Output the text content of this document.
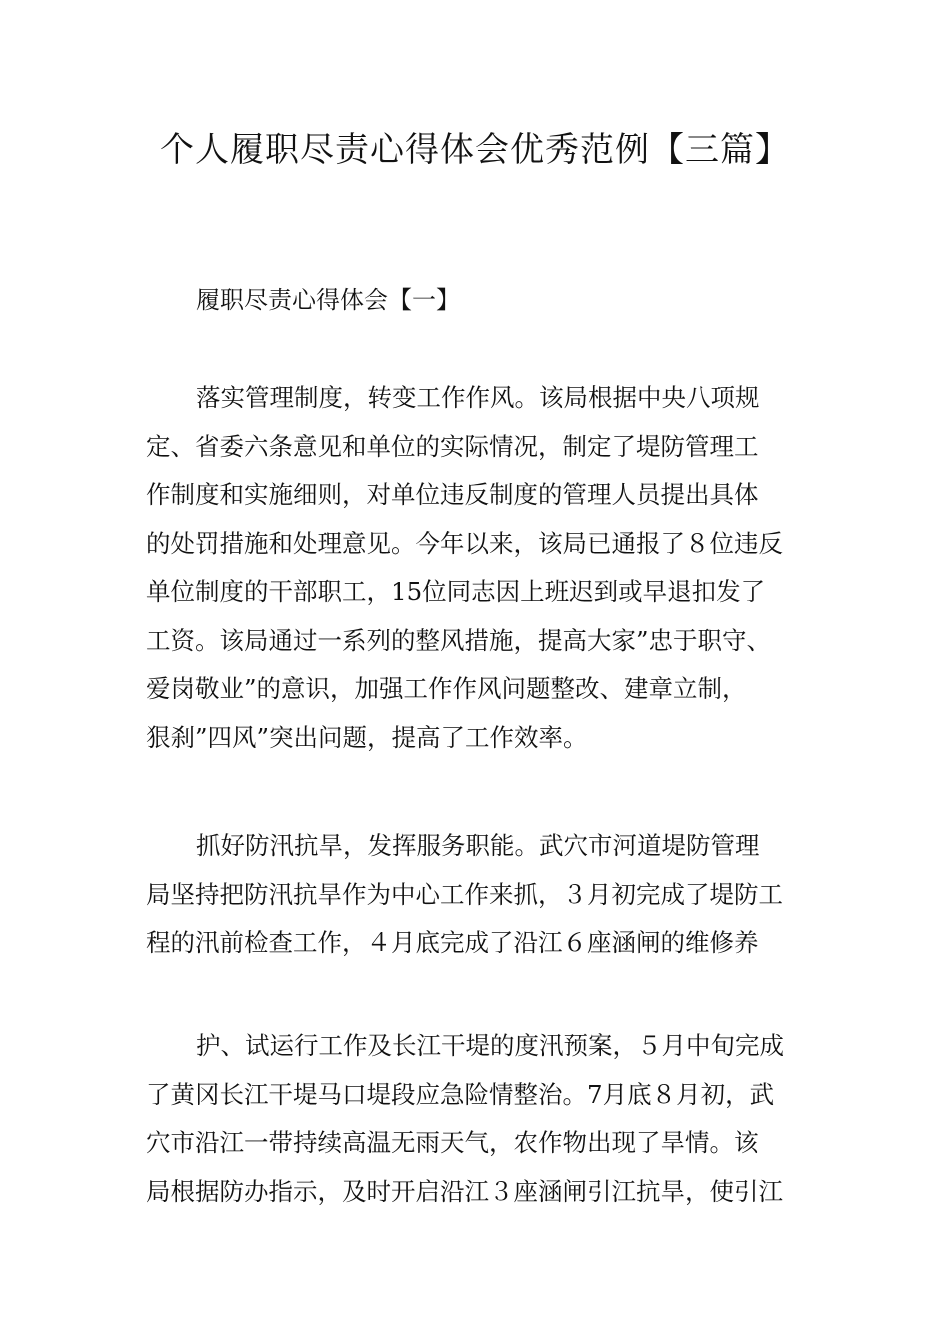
个人履职尽责心得体会优秀范例【三篇】
履职尽责心得体会【一】
落实管理制度，转变工作作风。该局根据中央八项规
定、省委六条意见和单位的实际情况，制定了堤防管理工
作制度和实施细则，对单位违反制度的管理人员提出具体
的处罚措施和处理意见。今年以来，该局已通报了８位违反
单位制度的干部职工，15位同志因上班迟到或早退扣发了
工资。该局通过一系列的整风措施，提高大家”忠于职守、
爱岗敬业”的意识，加强工作作风问题整改、建章立制，
狠刹”四风”突出问题，提高了工作效率。
抓好防汛抗旱，发挥服务职能。武穴市河道堤防管理
局坚持把防汛抗旱作为中心工作来抓，３月初完成了堤防工
程的汛前检查工作，４月底完成了沿江６座涵闸的维修养
护、试运行工作及长江干堤的度汛预案，５月中旬完成
了黄冈长江干堤马口堤段应急险情整治。7月底８月初，武
穴市沿江一带持续高温无雨天气，农作物出现了旱情。该
局根据防办指示，及时开启沿江３座涵闸引江抗旱，使引江
